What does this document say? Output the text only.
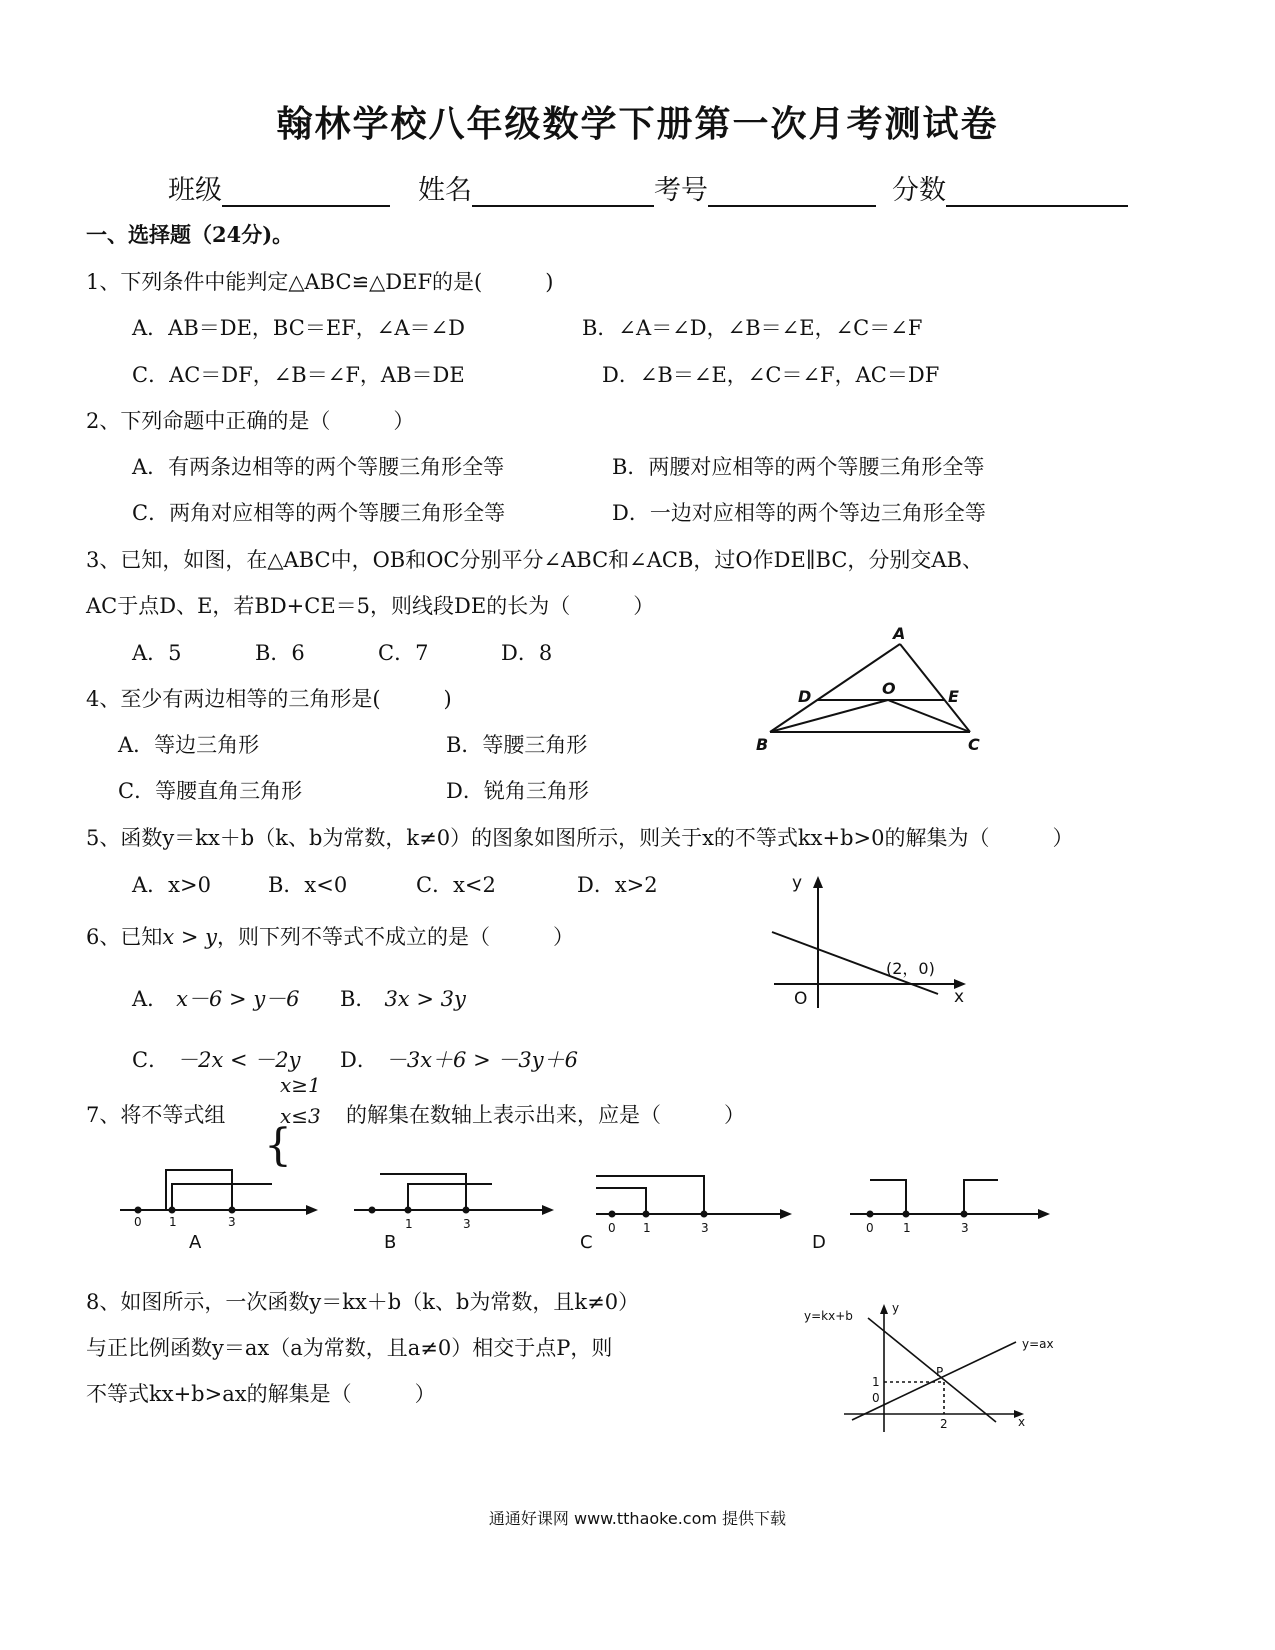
翰林学校八年级数学下册第一次月考测试卷
班级	姓名	考号	分数
一、选择题（24分)。
1、下列条件中能判定△ABC≌△DEF的是(　　　)
A．AB＝DE，BC＝EF，∠A＝∠D	B．∠A＝∠D，∠B＝∠E，∠C＝∠F
C．AC＝DF，∠B＝∠F，AB＝DE	D．∠B＝∠E，∠C＝∠F，AC＝DF
2、下列命题中正确的是（　　　）
A．有两条边相等的两个等腰三角形全等	B．两腰对应相等的两个等腰三角形全等
C．两角对应相等的两个等腰三角形全等	D．一边对应相等的两个等边三角形全等
3、已知，如图，在△ABC中，OB和OC分别平分∠ABC和∠ACB，过O作DE∥BC，分别交AB、
AC于点D、E，若BD+CE＝5，则线段DE的长为（　　　）
A．5	B．6	C．7	D．8
A
D	O	E
B	C
4、至少有两边相等的三角形是(　　　)
A．等边三角形	B．等腰三角形
C．等腰直角三角形	D．锐角三角形
5、函数y＝kx＋b（k、b为常数，k≠0）的图象如图所示，则关于x的不等式kx+b>0的解集为（　　　）
A．x>0	B．x<0	C．x<2	D．x>2	y
x
O
(2，0)
6、已知x > y，则下列不等式不成立的是（　　　）
A． x－6 > y－6 B． 3x > 3y
C． －2x < －2y D． －3x＋6 > －3y＋6
7、将不等式组
{
x≥1
x≤3 的解集在数轴上表示出来，应是（　　　）
0 1	3	1	3	0 1	3	0 1	3
A	B	C	D
8、如图所示，一次函数y＝kx＋b（k、b为常数，且k≠0）
与正比例函数y＝ax（a为常数，且a≠0）相交于点P，则
不等式kx+b>ax的解集是（　　　）
y=kx+b
y=ax
P
1
0
2	x
y
通通好课网 www.tthaoke.com 提供下载
